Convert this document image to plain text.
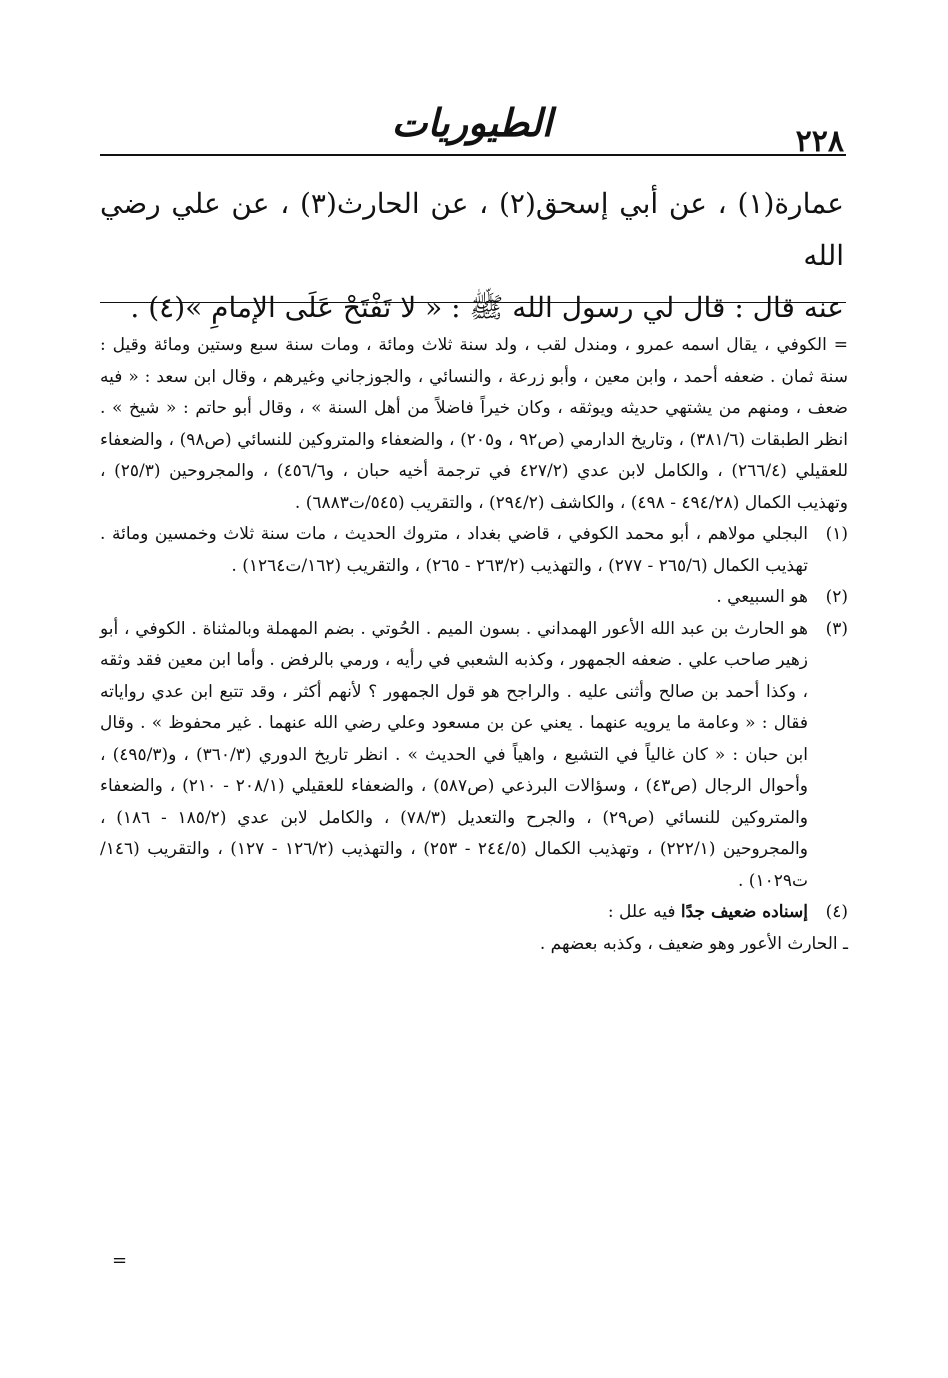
٢٢٨
الطيوريات

عمارة(١) ، عن أبي إسحق(٢) ، عن الحارث(٣) ، عن علي رضي الله

عنه قال : قال لي رسول الله ﷺ : « لا تَفْتَحْ عَلَى الإمامِ »(٤) .

= الكوفي ، يقال اسمه عمرو ، ومندل لقب ، ولد سنة ثلاث ومائة ، ومات سنة سبع وستين ومائة وقيل : سنة ثمان . ضعفه أحمد ، وابن معين ، وأبو زرعة ، والنسائي ، والجوزجاني وغيرهم ، وقال ابن سعد : « فيه ضعف ، ومنهم من يشتهي حديثه ويوثقه ، وكان خيراً فاضلاً من أهل السنة » ، وقال أبو حاتم : « شيخ » . انظر الطبقات (٣٨١/٦) ، وتاريخ الدارمي (ص٩٢ ، و٢٠٥) ، والضعفاء والمتروكين للنسائي (ص٩٨) ، والضعفاء للعقيلي (٢٦٦/٤) ، والكامل لابن عدي (٤٢٧/٢ في ترجمة أخيه حبان ، و٤٥٦/٦) ، والمجروحين (٢٥/٣) ، وتهذيب الكمال (٤٩٤/٢٨ - ٤٩٨) ، والكاشف (٢٩٤/٢) ، والتقريب (٥٤٥/ت٦٨٨٣) .

(١)
البجلي مولاهم ، أبو محمد الكوفي ، قاضي بغداد ، متروك الحديث ، مات سنة ثلاث وخمسين ومائة . تهذيب الكمال (٢٦٥/٦ - ٢٧٧) ، والتهذيب (٢٦٣/٢ - ٢٦٥) ، والتقريب (١٦٢/ت١٢٦٤) .
(٢)
هو السبيعي .
(٣)
هو الحارث بن عبد الله الأعور الهمداني . بسون الميم . الحُوتي . بضم المهملة وبالمثناة . الكوفي ، أبو زهير صاحب علي . ضعفه الجمهور ، وكذبه الشعبي في رأيه ، ورمي بالرفض . وأما ابن معين فقد وثقه ، وكذا أحمد بن صالح وأثنى عليه . والراجح هو قول الجمهور ؟ لأنهم أكثر ، وقد تتبع ابن عدي رواياته فقال : « وعامة ما يرويه عنهما . يعني عن بن مسعود وعلي رضي الله عنهما . غير محفوظ » . وقال ابن حبان : « كان غالياً في التشيع ، واهياً في الحديث » . انظر تاريخ الدوري (٣٦٠/٣) ، و(٤٩٥/٣) ، وأحوال الرجال (ص٤٣) ، وسؤالات البرذعي (ص٥٨٧) ، والضعفاء للعقيلي (٢٠٨/١ - ٢١٠) ، والضعفاء والمتروكين للنسائي (ص٢٩) ، والجرح والتعديل (٧٨/٣) ، والكامل لابن عدي (١٨٥/٢ - ١٨٦) ، والمجروحين (٢٢٢/١) ، وتهذيب الكمال (٢٤٤/٥ - ٢٥٣) ، والتهذيب (١٢٦/٢ - ١٢٧) ، والتقريب (١٤٦/ ت١٠٢٩) .
(٤)
إسناده ضعيف جدًا فيه علل :

ـ الحارث الأعور وهو ضعيف ، وكذبه بعضهم .

=
